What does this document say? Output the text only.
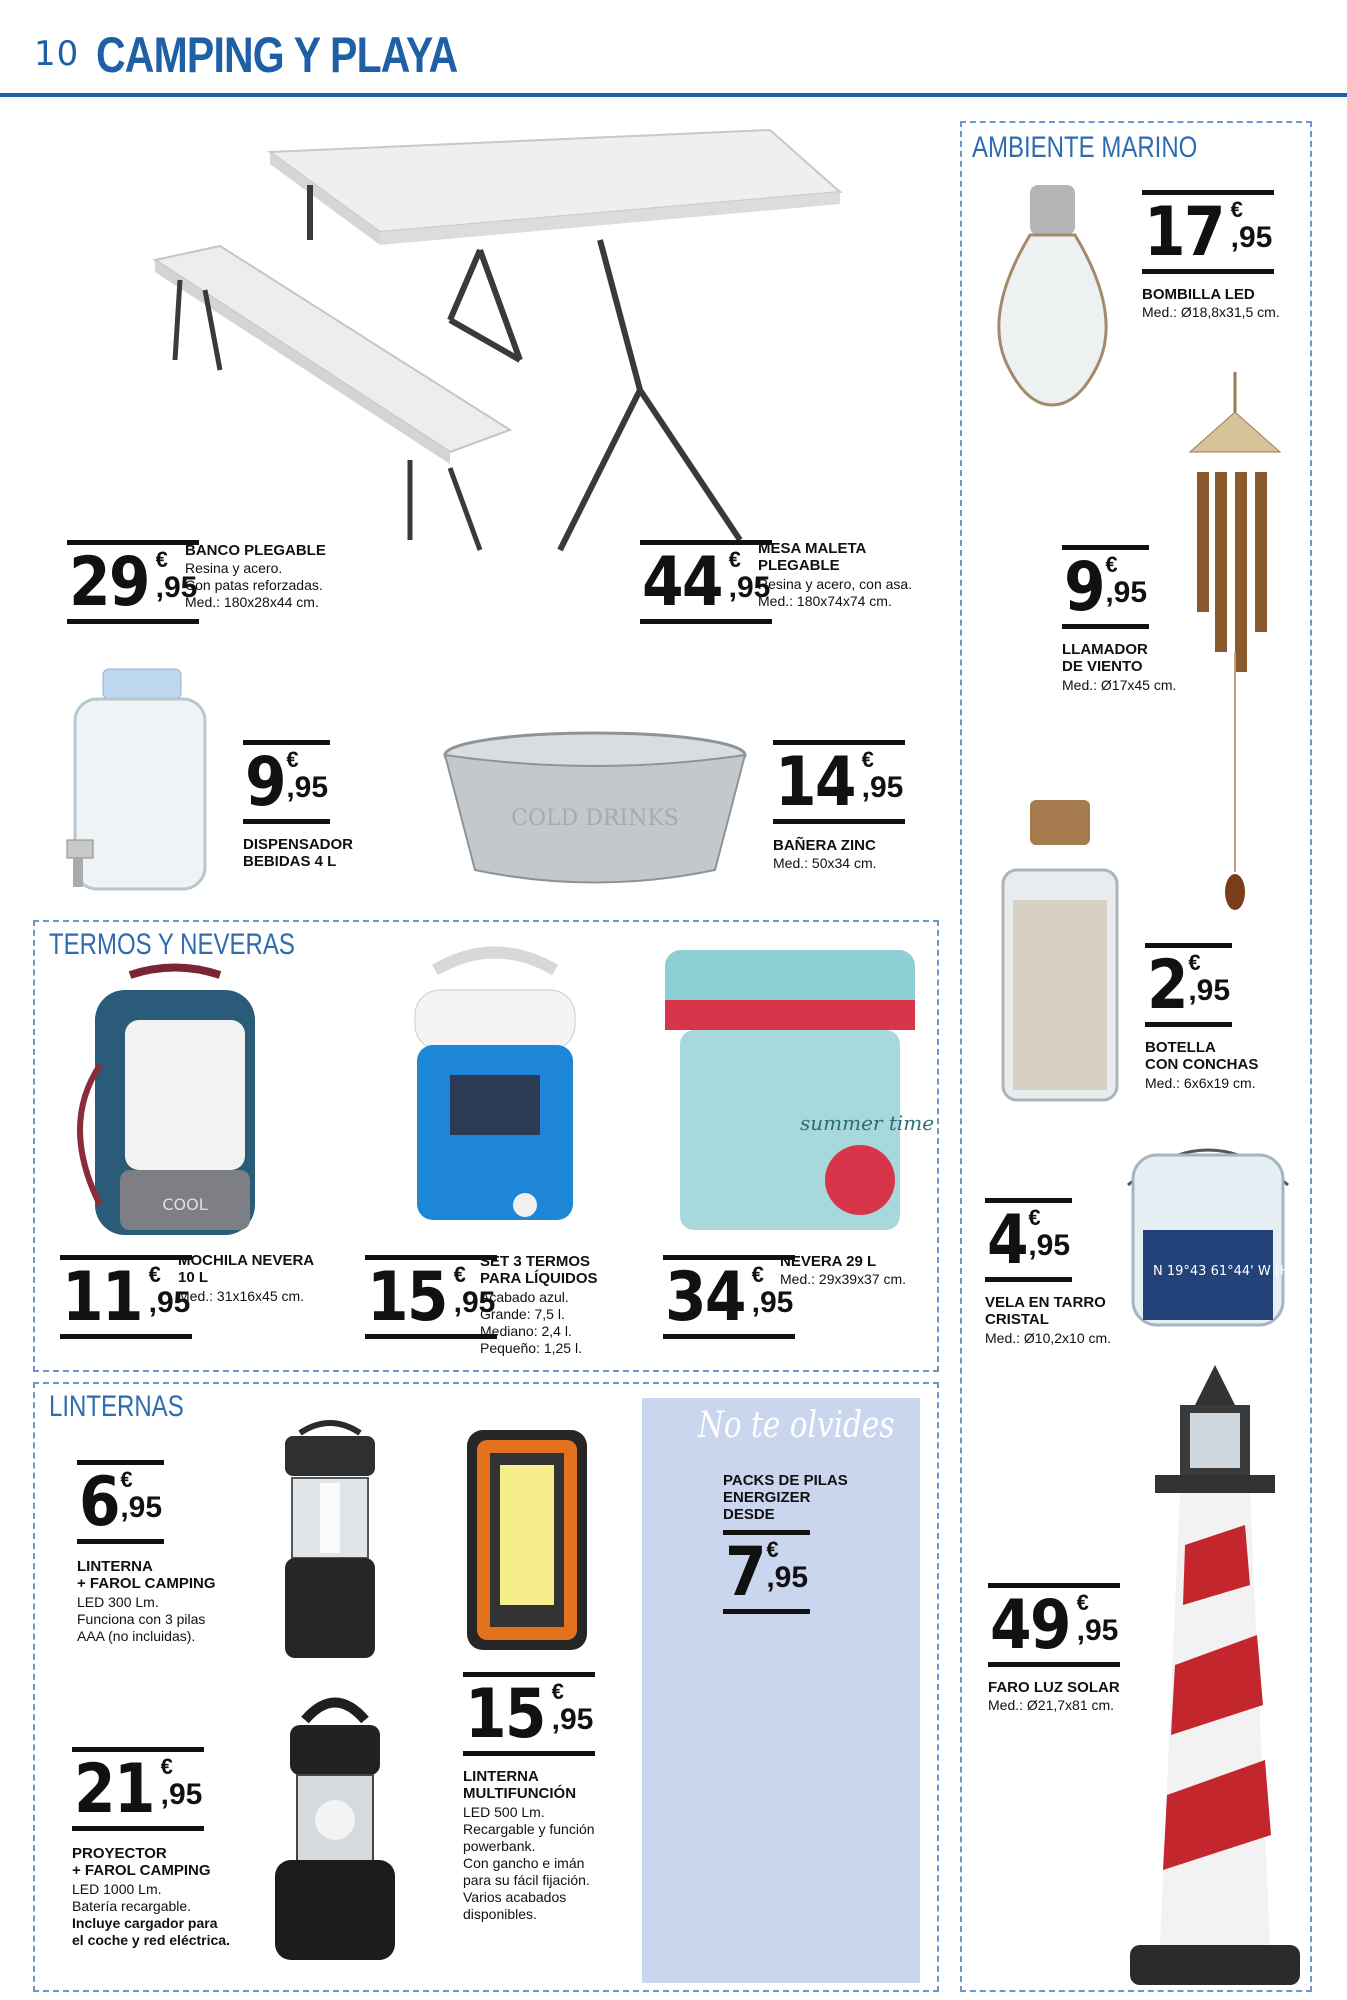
10 CAMPING Y PLAYA
TERMOS Y NEVERAS
LINTERNAS
AMBIENTE MARINO
COLD DRINKS
COOL
summer time
N 19°43 61°44' W [HOME]
No te olvides
29 €
,95
BANCO PLEGABLE
Resina y acero.
Con patas reforzadas.
Med.: 180x28x44 cm.	44 €
,95
MESA MALETA
PLEGABLE
Resina y acero, con asa.
Med.: 180x74x74 cm.
9 €
,95
DISPENSADOR
BEBIDAS 4 L
14 €
,95
BAÑERA ZINC
Med.: 50x34 cm.
11 €
,95
MOCHILA NEVERA
10 L
Med.: 31x16x45 cm. 15 €
,95
SET 3 TERMOS
PARA LÍQUIDOS
Acabado azul.
Grande: 7,5 l.
Mediano: 2,4 l.
Pequeño: 1,25 l.
34 €
,95
NEVERA 29 L
Med.: 29x39x37 cm.
6 €
,95
LINTERNA
+ FAROL CAMPING
LED 300 Lm.
Funciona con 3 pilas
AAA (no incluidas).
21 €
,95
PROYECTOR
+ FAROL CAMPING
LED 1000 Lm.
Batería recargable.
Incluye cargador para
el coche y red eléctrica.
15 €
,95
LINTERNA
MULTIFUNCIÓN
LED 500 Lm.
Recargable y función
powerbank.
Con gancho e imán
para su fácil fijación.
Varios acabados
disponibles.
PACKS DE PILAS
ENERGIZER
DESDE
7 €
,95
17 €
,95
BOMBILLA LED
Med.: Ø18,8x31,5 cm.
9 €
,95
LLAMADOR
DE VIENTO
Med.: Ø17x45 cm.
2 €
,95
BOTELLA
CON CONCHAS
Med.: 6x6x19 cm.
4 €
,95
VELA EN TARRO
CRISTAL
Med.: Ø10,2x10 cm.
49 €
,95
FARO LUZ SOLAR
Med.: Ø21,7x81 cm.
